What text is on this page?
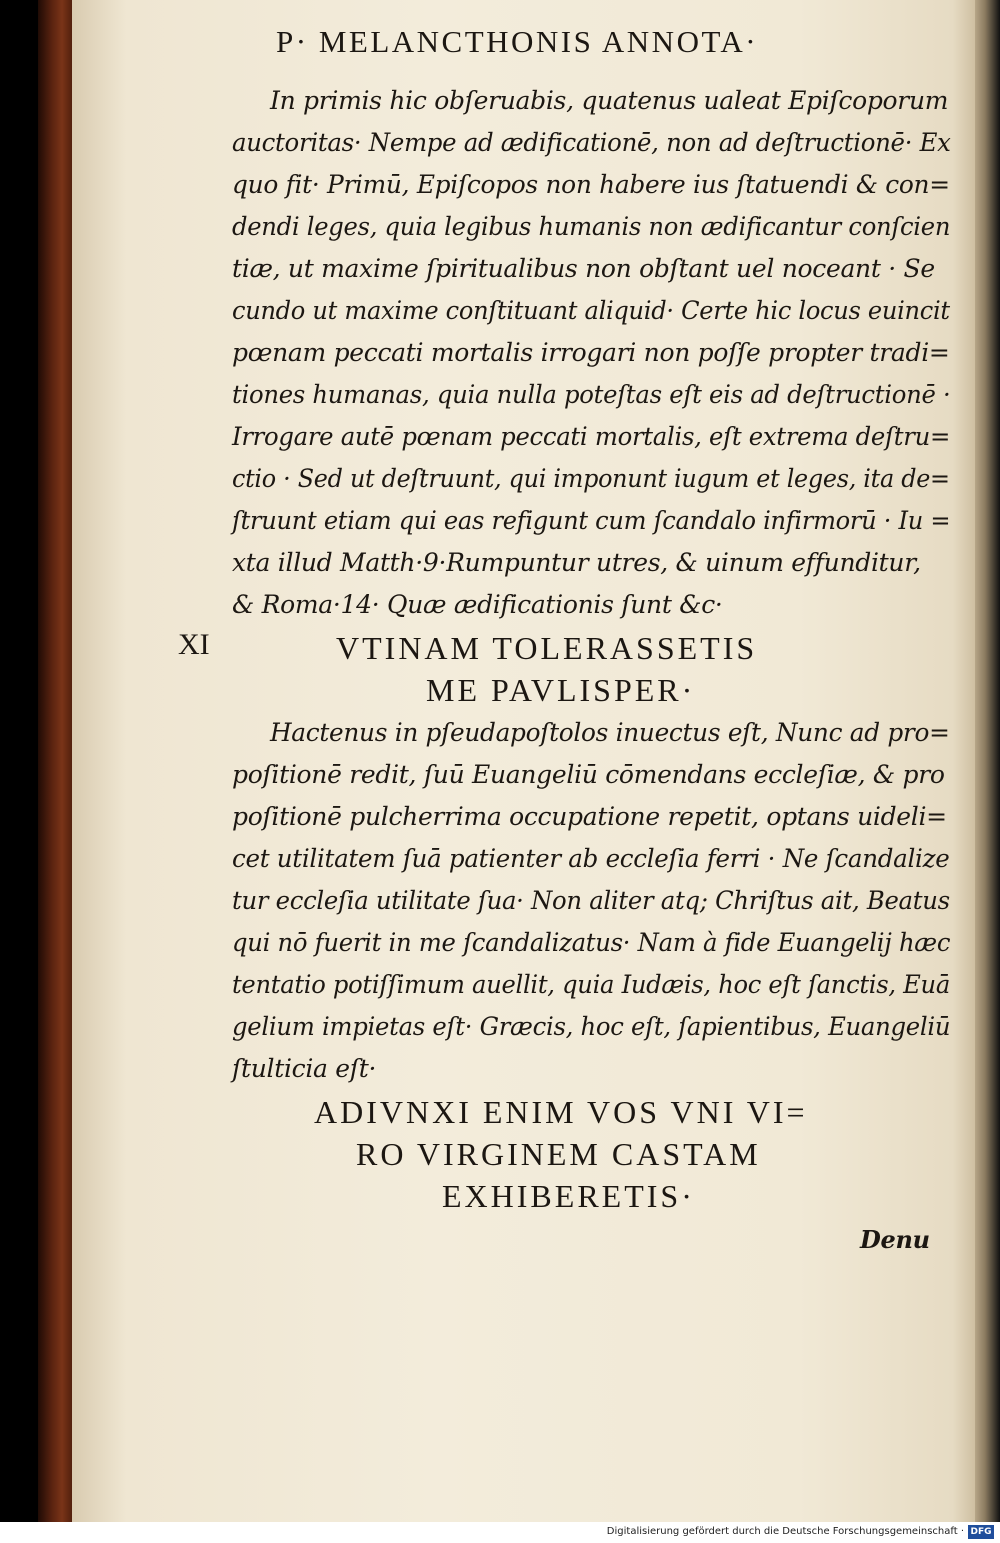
P· MELANCTHONIS ANNOTA·
In primis hic obſeruabis, quatenus ualeat Epiſcoporum
auctoritas· Nempe ad ædificationē, non ad deſtructionē· Ex
quo fit· Primū, Epiſcopos non habere ius ſtatuendi & con=
dendi leges, quia legibus humanis non ædificantur conſcien
tiæ, ut maxime ſpiritualibus non obſtant uel noceant · Se
cundo ut maxime conſtituant aliquid· Certe hic locus euincit
pœnam peccati mortalis irrogari non poſſe propter tradi=
tiones humanas, quia nulla poteſtas eſt eis ad deſtructionē ·
Irrogare autē pœnam peccati mortalis, eſt extrema deſtru=
ctio · Sed ut deſtruunt, qui imponunt iugum et leges, ita de=
ſtruunt etiam qui eas refigunt cum ſcandalo infirmorū · Iu =
xta illud Matth·9·Rumpuntur utres, & uinum effunditur,
& Roma·14· Quæ ædificationis ſunt &c·
XI	VTINAM TOLERASSETIS
ME PAVLISPER·
Hactenus in pſeudapoſtolos inuectus eſt, Nunc ad pro=
poſitionē redit, ſuū Euangeliū cōmendans eccleſiæ, & pro
poſitionē pulcherrima occupatione repetit, optans uideli=
cet utilitatem ſuā patienter ab eccleſia ferri · Ne ſcandalize
tur eccleſia utilitate ſua· Non aliter atq; Chriſtus ait, Beatus
qui nō fuerit in me ſcandalizatus· Nam à fide Euangelij hæc
tentatio potiſſimum auellit, quia Iudæis, hoc eſt ſanctis, Euā
gelium impietas eſt· Græcis, hoc eſt, ſapientibus, Euangeliū
ſtulticia eſt·
ADIVNXI ENIM VOS VNI VI=
RO VIRGINEM CASTAM
EXHIBERETIS·
Denu
Digitalisierung gefördert durch die Deutsche Forschungsgemeinschaft · DFG
